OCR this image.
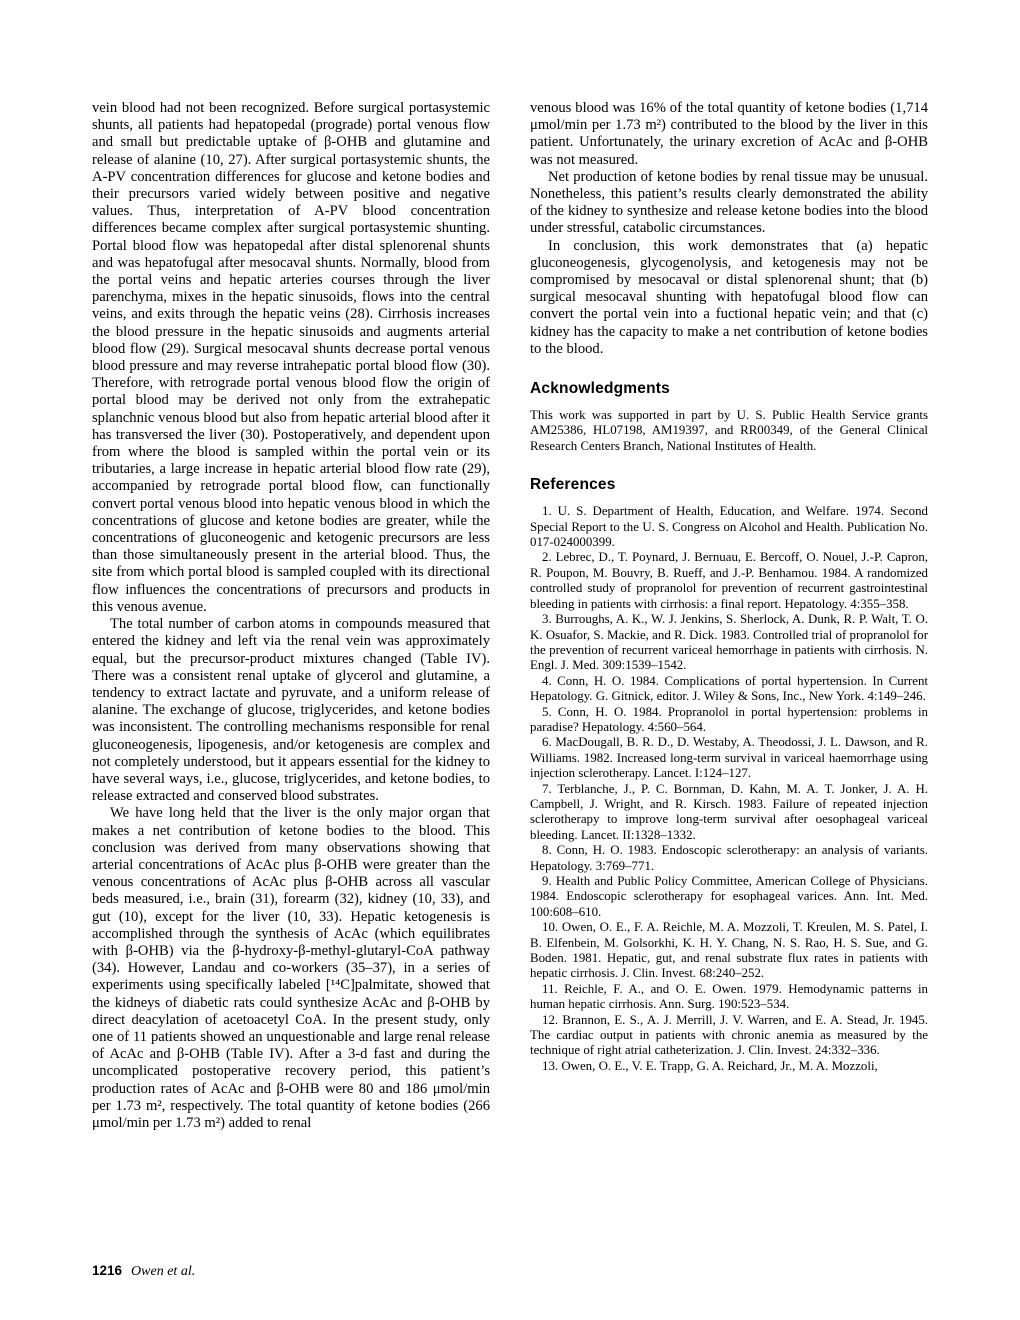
vein blood had not been recognized. Before surgical portasystemic shunts, all patients had hepatopedal (prograde) portal venous flow and small but predictable uptake of β-OHB and glutamine and release of alanine (10, 27). After surgical portasystemic shunts, the A-PV concentration differences for glucose and ketone bodies and their precursors varied widely between positive and negative values. Thus, interpretation of A-PV blood concentration differences became complex after surgical portasystemic shunting. Portal blood flow was hepatopedal after distal splenorenal shunts and was hepatofugal after mesocaval shunts. Normally, blood from the portal veins and hepatic arteries courses through the liver parenchyma, mixes in the hepatic sinusoids, flows into the central veins, and exits through the hepatic veins (28). Cirrhosis increases the blood pressure in the hepatic sinusoids and augments arterial blood flow (29). Surgical mesocaval shunts decrease portal venous blood pressure and may reverse intrahepatic portal blood flow (30). Therefore, with retrograde portal venous blood flow the origin of portal blood may be derived not only from the extrahepatic splanchnic venous blood but also from hepatic arterial blood after it has transversed the liver (30). Postoperatively, and dependent upon from where the blood is sampled within the portal vein or its tributaries, a large increase in hepatic arterial blood flow rate (29), accompanied by retrograde portal blood flow, can functionally convert portal venous blood into hepatic venous blood in which the concentrations of glucose and ketone bodies are greater, while the concentrations of gluconeogenic and ketogenic precursors are less than those simultaneously present in the arterial blood. Thus, the site from which portal blood is sampled coupled with its directional flow influences the concentrations of precursors and products in this venous avenue.

The total number of carbon atoms in compounds measured that entered the kidney and left via the renal vein was approximately equal, but the precursor-product mixtures changed (Table IV). There was a consistent renal uptake of glycerol and glutamine, a tendency to extract lactate and pyruvate, and a uniform release of alanine. The exchange of glucose, triglycerides, and ketone bodies was inconsistent. The controlling mechanisms responsible for renal gluconeogenesis, lipogenesis, and/or ketogenesis are complex and not completely understood, but it appears essential for the kidney to have several ways, i.e., glucose, triglycerides, and ketone bodies, to release extracted and conserved blood substrates.

We have long held that the liver is the only major organ that makes a net contribution of ketone bodies to the blood. This conclusion was derived from many observations showing that arterial concentrations of AcAc plus β-OHB were greater than the venous concentrations of AcAc plus β-OHB across all vascular beds measured, i.e., brain (31), forearm (32), kidney (10, 33), and gut (10), except for the liver (10, 33). Hepatic ketogenesis is accomplished through the synthesis of AcAc (which equilibrates with β-OHB) via the β-hydroxy-β-methyl-glutaryl-CoA pathway (34). However, Landau and co-workers (35–37), in a series of experiments using specifically labeled [¹⁴C]palmitate, showed that the kidneys of diabetic rats could synthesize AcAc and β-OHB by direct deacylation of acetoacetyl CoA. In the present study, only one of 11 patients showed an unquestionable and large renal release of AcAc and β-OHB (Table IV). After a 3-d fast and during the uncomplicated postoperative recovery period, this patient’s production rates of AcAc and β-OHB were 80 and 186 μmol/min per 1.73 m², respectively. The total quantity of ketone bodies (266 μmol/min per 1.73 m²) added to renal

venous blood was 16% of the total quantity of ketone bodies (1,714 μmol/min per 1.73 m²) contributed to the blood by the liver in this patient. Unfortunately, the urinary excretion of AcAc and β-OHB was not measured.

Net production of ketone bodies by renal tissue may be unusual. Nonetheless, this patient’s results clearly demonstrated the ability of the kidney to synthesize and release ketone bodies into the blood under stressful, catabolic circumstances.

In conclusion, this work demonstrates that (a) hepatic gluconeogenesis, glycogenolysis, and ketogenesis may not be compromised by mesocaval or distal splenorenal shunt; that (b) surgical mesocaval shunting with hepatofugal blood flow can convert the portal vein into a fuctional hepatic vein; and that (c) kidney has the capacity to make a net contribution of ketone bodies to the blood.

Acknowledgments

This work was supported in part by U. S. Public Health Service grants AM25386, HL07198, AM19397, and RR00349, of the General Clinical Research Centers Branch, National Institutes of Health.

References
1. U. S. Department of Health, Education, and Welfare. 1974. Second Special Report to the U. S. Congress on Alcohol and Health. Publication No. 017-024000399.
2. Lebrec, D., T. Poynard, J. Bernuau, E. Bercoff, O. Nouel, J.-P. Capron, R. Poupon, M. Bouvry, B. Rueff, and J.-P. Benhamou. 1984. A randomized controlled study of propranolol for prevention of recurrent gastrointestinal bleeding in patients with cirrhosis: a final report. Hepatology. 4:355–358.
3. Burroughs, A. K., W. J. Jenkins, S. Sherlock, A. Dunk, R. P. Walt, T. O. K. Osuafor, S. Mackie, and R. Dick. 1983. Controlled trial of propranolol for the prevention of recurrent variceal hemorrhage in patients with cirrhosis. N. Engl. J. Med. 309:1539–1542.
4. Conn, H. O. 1984. Complications of portal hypertension. In Current Hepatology. G. Gitnick, editor. J. Wiley & Sons, Inc., New York. 4:149–246.
5. Conn, H. O. 1984. Propranolol in portal hypertension: problems in paradise? Hepatology. 4:560–564.
6. MacDougall, B. R. D., D. Westaby, A. Theodossi, J. L. Dawson, and R. Williams. 1982. Increased long-term survival in variceal haemorrhage using injection sclerotherapy. Lancet. I:124–127.
7. Terblanche, J., P. C. Bornman, D. Kahn, M. A. T. Jonker, J. A. H. Campbell, J. Wright, and R. Kirsch. 1983. Failure of repeated injection sclerotherapy to improve long-term survival after oesophageal variceal bleeding. Lancet. II:1328–1332.
8. Conn, H. O. 1983. Endoscopic sclerotherapy: an analysis of variants. Hepatology. 3:769–771.
9. Health and Public Policy Committee, American College of Physicians. 1984. Endoscopic sclerotherapy for esophageal varices. Ann. Int. Med. 100:608–610.
10. Owen, O. E., F. A. Reichle, M. A. Mozzoli, T. Kreulen, M. S. Patel, I. B. Elfenbein, M. Golsorkhi, K. H. Y. Chang, N. S. Rao, H. S. Sue, and G. Boden. 1981. Hepatic, gut, and renal substrate flux rates in patients with hepatic cirrhosis. J. Clin. Invest. 68:240–252.
11. Reichle, F. A., and O. E. Owen. 1979. Hemodynamic patterns in human hepatic cirrhosis. Ann. Surg. 190:523–534.
12. Brannon, E. S., A. J. Merrill, J. V. Warren, and E. A. Stead, Jr. 1945. The cardiac output in patients with chronic anemia as measured by the technique of right atrial catheterization. J. Clin. Invest. 24:332–336.
13. Owen, O. E., V. E. Trapp, G. A. Reichard, Jr., M. A. Mozzoli,
1216 Owen et al.
